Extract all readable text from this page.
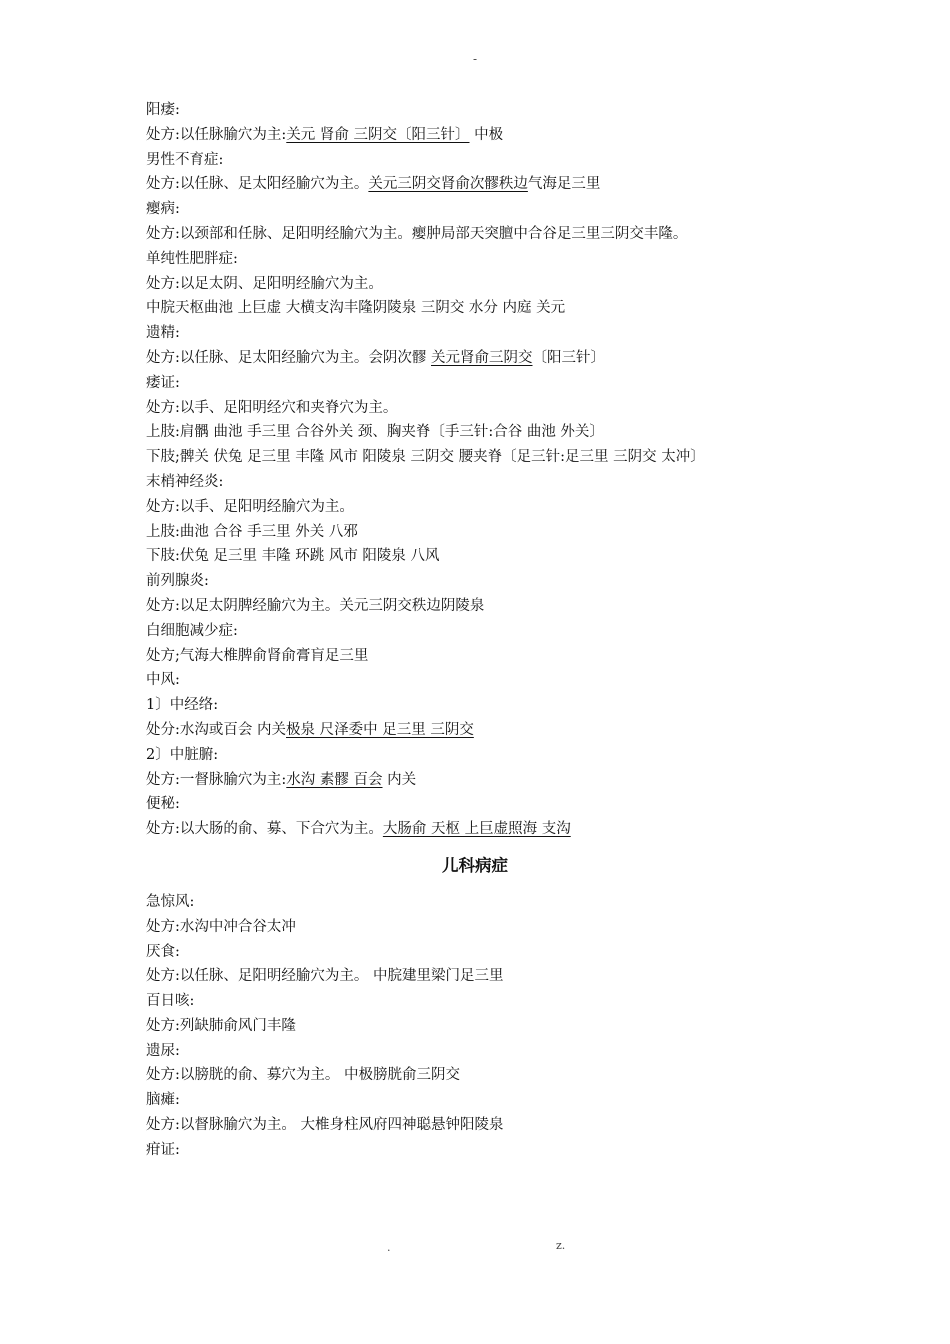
-
阳痿:
处方:以任脉腧穴为主:关元 肾俞 三阴交〔阳三针〕 中极
男性不育症:
处方:以任脉、足太阳经腧穴为主。关元三阴交肾俞次髎秩边气海足三里
瘿病:
处方:以颈部和任脉、足阳明经腧穴为主。瘿肿局部天突膻中合谷足三里三阴交丰隆。
单纯性肥胖症:
处方:以足太阴、足阳明经腧穴为主。
中脘天枢曲池 上巨虚 大横支沟丰隆阴陵泉 三阴交 水分 内庭 关元
遗精:
处方:以任脉、足太阳经腧穴为主。会阴次髎 关元肾俞三阴交〔阳三针〕
痿证:
处方:以手、足阳明经穴和夹脊穴为主。
上肢:肩髃 曲池 手三里 合谷外关 颈、胸夹脊〔手三针:合谷 曲池 外关〕
下肢;髀关 伏兔 足三里 丰隆 风市 阳陵泉 三阴交 腰夹脊〔足三针:足三里 三阴交 太冲〕
末梢神经炎:
处方:以手、足阳明经腧穴为主。
上肢:曲池 合谷 手三里 外关 八邪
下肢:伏兔 足三里 丰隆 环跳 风市 阳陵泉 八风
前列腺炎:
处方:以足太阴脾经腧穴为主。关元三阴交秩边阴陵泉
白细胞减少症:
处方;气海大椎脾俞肾俞膏肓足三里
中风:
1〕中经络:
处分:水沟或百会 内关极泉 尺泽委中 足三里 三阴交
2〕中脏腑:
处方:一督脉腧穴为主:水沟 素髎 百会 内关
便秘:
处方:以大肠的俞、募、下合穴为主。大肠俞 天枢 上巨虚照海 支沟
儿科病症
急惊风:
处方:水沟中冲合谷太冲
厌食:
处方:以任脉、足阳明经腧穴为主。 中脘建里梁门足三里
百日咳:
处方:列缺肺俞风门丰隆
遗尿:
处方:以膀胱的俞、募穴为主。 中极膀胱俞三阴交
脑瘫:
处方:以督脉腧穴为主。 大椎身柱风府四神聪悬钟阳陵泉
疳证:
.	z.
